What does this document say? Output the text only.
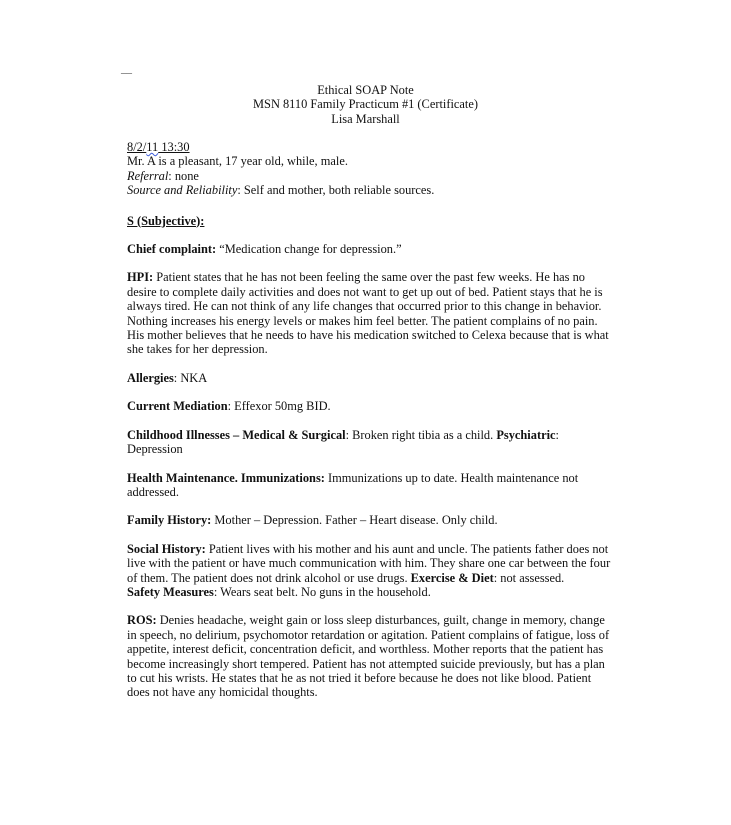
__

Ethical SOAP Note

MSN 8110 Family Practicum #1 (Certificate)

Lisa Marshall

8/2/11 13:30

Mr. A is a pleasant, 17 year old, while, male.

Referral: none

Source and Reliability: Self and mother, both reliable sources.

S (Subjective):

Chief complaint: “Medication change for depression.”

HPI: Patient states that he has not been feeling the same over the past few weeks. He has no desire to complete daily activities and does not want to get up out of bed. Patient stays that he is always tired. He can not think of any life changes that occurred prior to this change in behavior. Nothing increases his energy levels or makes him feel better. The patient complains of no pain. His mother believes that he needs to have his medication switched to Celexa because that is what she takes for her depression.

Allergies: NKA

Current Mediation: Effexor 50mg BID.

Childhood Illnesses – Medical & Surgical: Broken right tibia as a child. Psychiatric: Depression

Health Maintenance. Immunizations: Immunizations up to date. Health maintenance not addressed.

Family History: Mother – Depression. Father – Heart disease. Only child.

Social History: Patient lives with his mother and his aunt and uncle. The patients father does not live with the patient or have much communication with him. They share one car between the four of them. The patient does not drink alcohol or use drugs. Exercise & Diet: not assessed.

Safety Measures: Wears seat belt. No guns in the household.

ROS: Denies headache, weight gain or loss sleep disturbances, guilt, change in memory, change in speech, no delirium, psychomotor retardation or agitation. Patient complains of fatigue, loss of appetite, interest deficit, concentration deficit, and worthless. Mother reports that the patient has become increasingly short tempered. Patient has not attempted suicide previously, but has a plan to cut his wrists. He states that he as not tried it before because he does not like blood. Patient does not have any homicidal thoughts.
